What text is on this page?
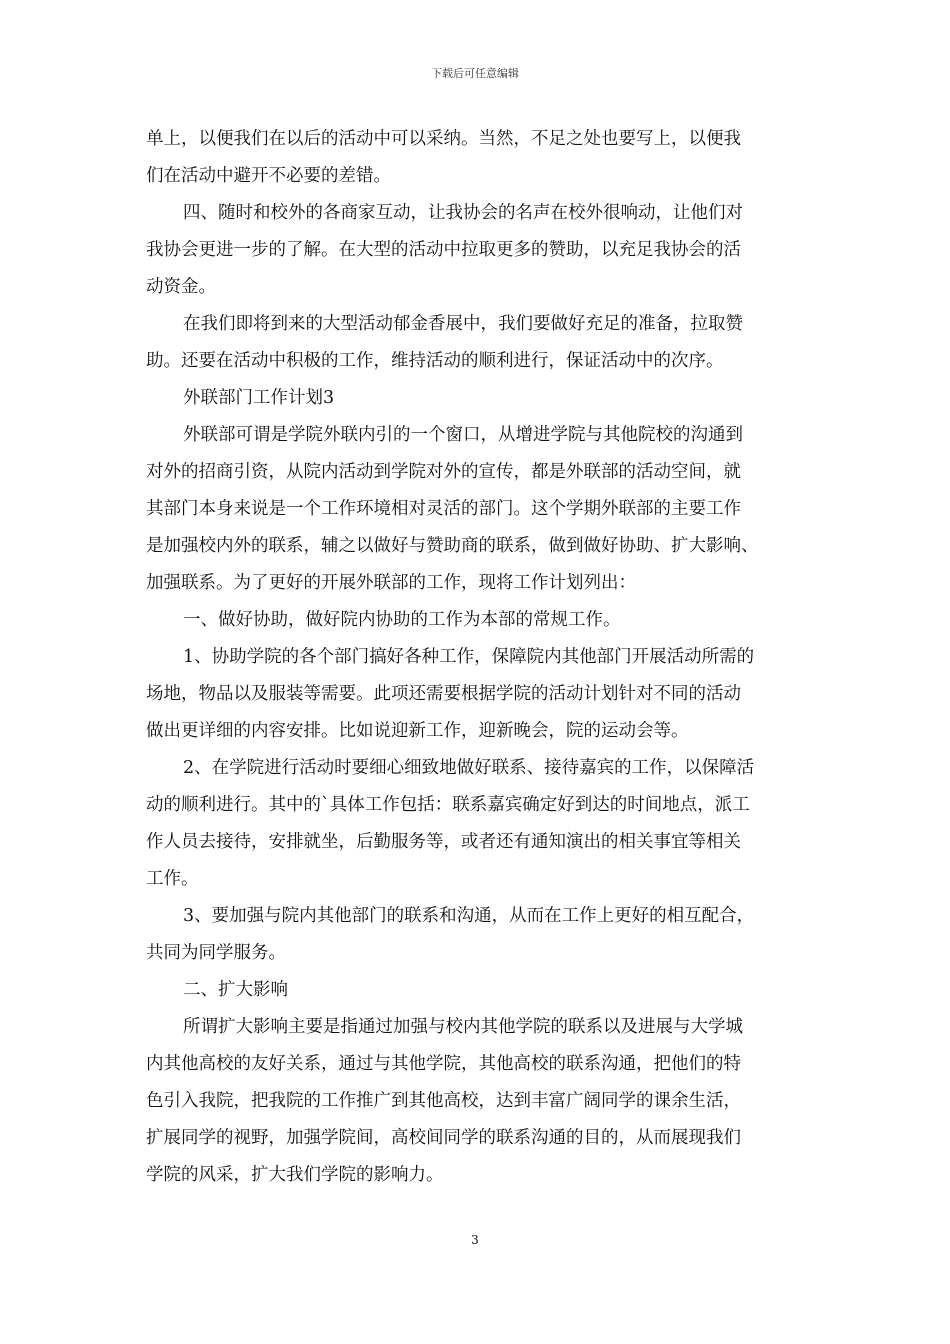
下载后可任意编辑

单上，以便我们在以后的活动中可以采纳。当然，不足之处也要写上，以便我

们在活动中避开不必要的差错。

四、随时和校外的各商家互动，让我协会的名声在校外很响动，让他们对

我协会更进一步的了解。在大型的活动中拉取更多的赞助，以充足我协会的活

动资金。

在我们即将到来的大型活动郁金香展中，我们要做好充足的准备，拉取赞

助。还要在活动中积极的工作，维持活动的顺利进行，保证活动中的次序。

外联部门工作计划3

外联部可谓是学院外联内引的一个窗口，从增进学院与其他院校的沟通到

对外的招商引资，从院内活动到学院对外的宣传，都是外联部的活动空间，就

其部门本身来说是一个工作环境相对灵活的部门。这个学期外联部的主要工作

是加强校内外的联系，辅之以做好与赞助商的联系，做到做好协助、扩大影响、

加强联系。为了更好的开展外联部的工作，现将工作计划列出：

一、做好协助，做好院内协助的工作为本部的常规工作。

1、协助学院的各个部门搞好各种工作，保障院内其他部门开展活动所需的

场地，物品以及服装等需要。此项还需要根据学院的活动计划针对不同的活动

做出更详细的内容安排。比如说迎新工作，迎新晚会，院的运动会等。

2、在学院进行活动时要细心细致地做好联系、接待嘉宾的工作，以保障活

动的顺利进行。其中的`具体工作包括：联系嘉宾确定好到达的时间地点，派工

作人员去接待，安排就坐，后勤服务等，或者还有通知演出的相关事宜等相关

工作。

3、要加强与院内其他部门的联系和沟通，从而在工作上更好的相互配合，

共同为同学服务。

二、扩大影响

所谓扩大影响主要是指通过加强与校内其他学院的联系以及进展与大学城

内其他高校的友好关系，通过与其他学院，其他高校的联系沟通，把他们的特

色引入我院，把我院的工作推广到其他高校，达到丰富广阔同学的课余生活，

扩展同学的视野，加强学院间，高校间同学的联系沟通的目的，从而展现我们

学院的风采，扩大我们学院的影响力。

3
